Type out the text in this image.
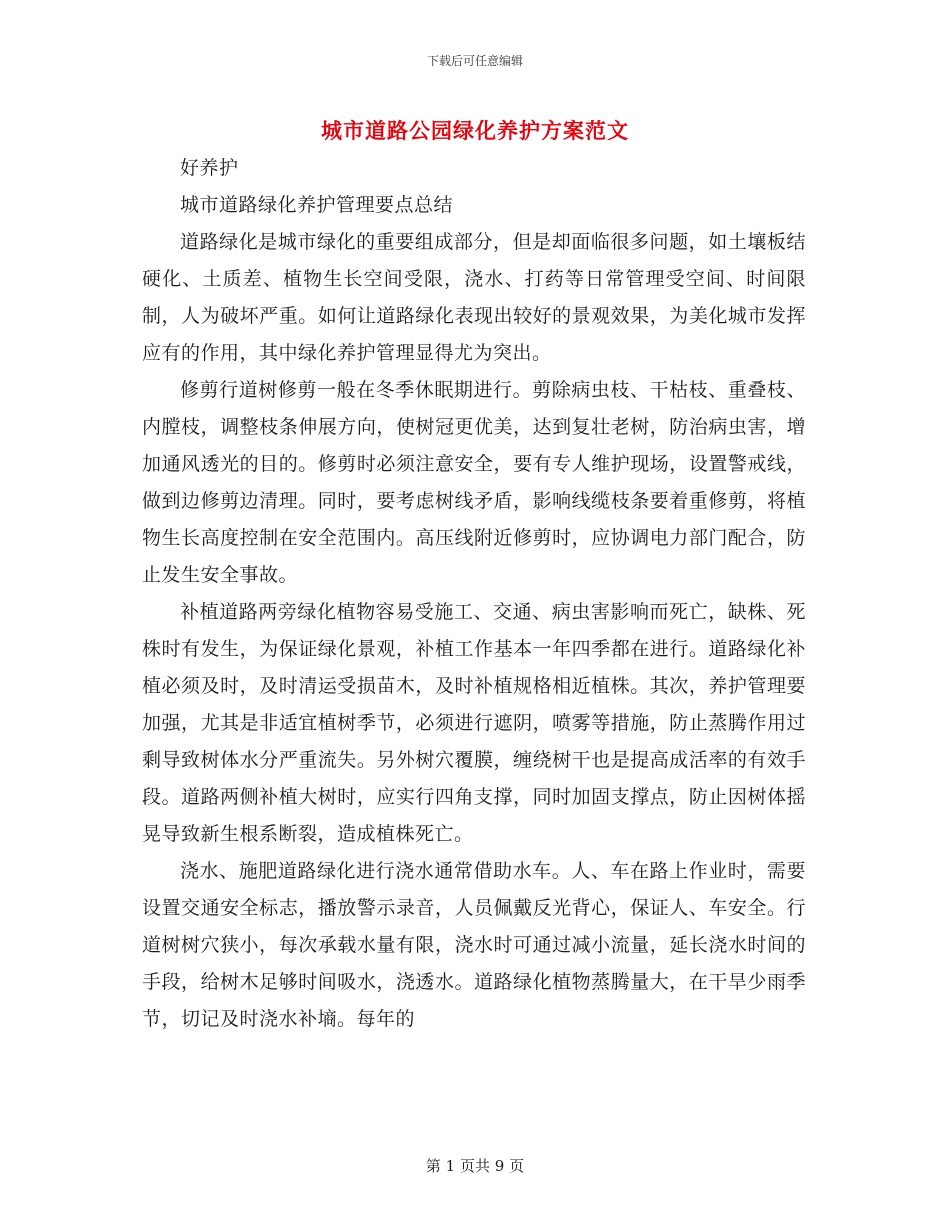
下载后可任意编辑
城市道路公园绿化养护方案范文

好养护

城市道路绿化养护管理要点总结

道路绿化是城市绿化的重要组成部分，但是却面临很多问题，如土壤板结硬化、土质差、植物生长空间受限，浇水、打药等日常管理受空间、时间限制，人为破坏严重。如何让道路绿化表现出较好的景观效果，为美化城市发挥应有的作用，其中绿化养护管理显得尤为突出。

修剪行道树修剪一般在冬季休眠期进行。剪除病虫枝、干枯枝、重叠枝、内膛枝，调整枝条伸展方向，使树冠更优美，达到复壮老树，防治病虫害，增加通风透光的目的。修剪时必须注意安全，要有专人维护现场，设置警戒线，做到边修剪边清理。同时，要考虑树线矛盾，影响线缆枝条要着重修剪，将植物生长高度控制在安全范围内。高压线附近修剪时，应协调电力部门配合，防止发生安全事故。

补植道路两旁绿化植物容易受施工、交通、病虫害影响而死亡，缺株、死株时有发生，为保证绿化景观，补植工作基本一年四季都在进行。道路绿化补植必须及时，及时清运受损苗木，及时补植规格相近植株。其次，养护管理要加强，尤其是非适宜植树季节，必须进行遮阴，喷雾等措施，防止蒸腾作用过剩导致树体水分严重流失。另外树穴覆膜，缠绕树干也是提高成活率的有效手段。道路两侧补植大树时，应实行四角支撑，同时加固支撑点，防止因树体摇晃导致新生根系断裂，造成植株死亡。

浇水、施肥道路绿化进行浇水通常借助水车。人、车在路上作业时，需要设置交通安全标志，播放警示录音，人员佩戴反光背心，保证人、车安全。行道树树穴狭小，每次承载水量有限，浇水时可通过减小流量，延长浇水时间的手段，给树木足够时间吸水，浇透水。道路绿化植物蒸腾量大，在干旱少雨季节，切记及时浇水补墒。每年的

第 1 页共 9 页
